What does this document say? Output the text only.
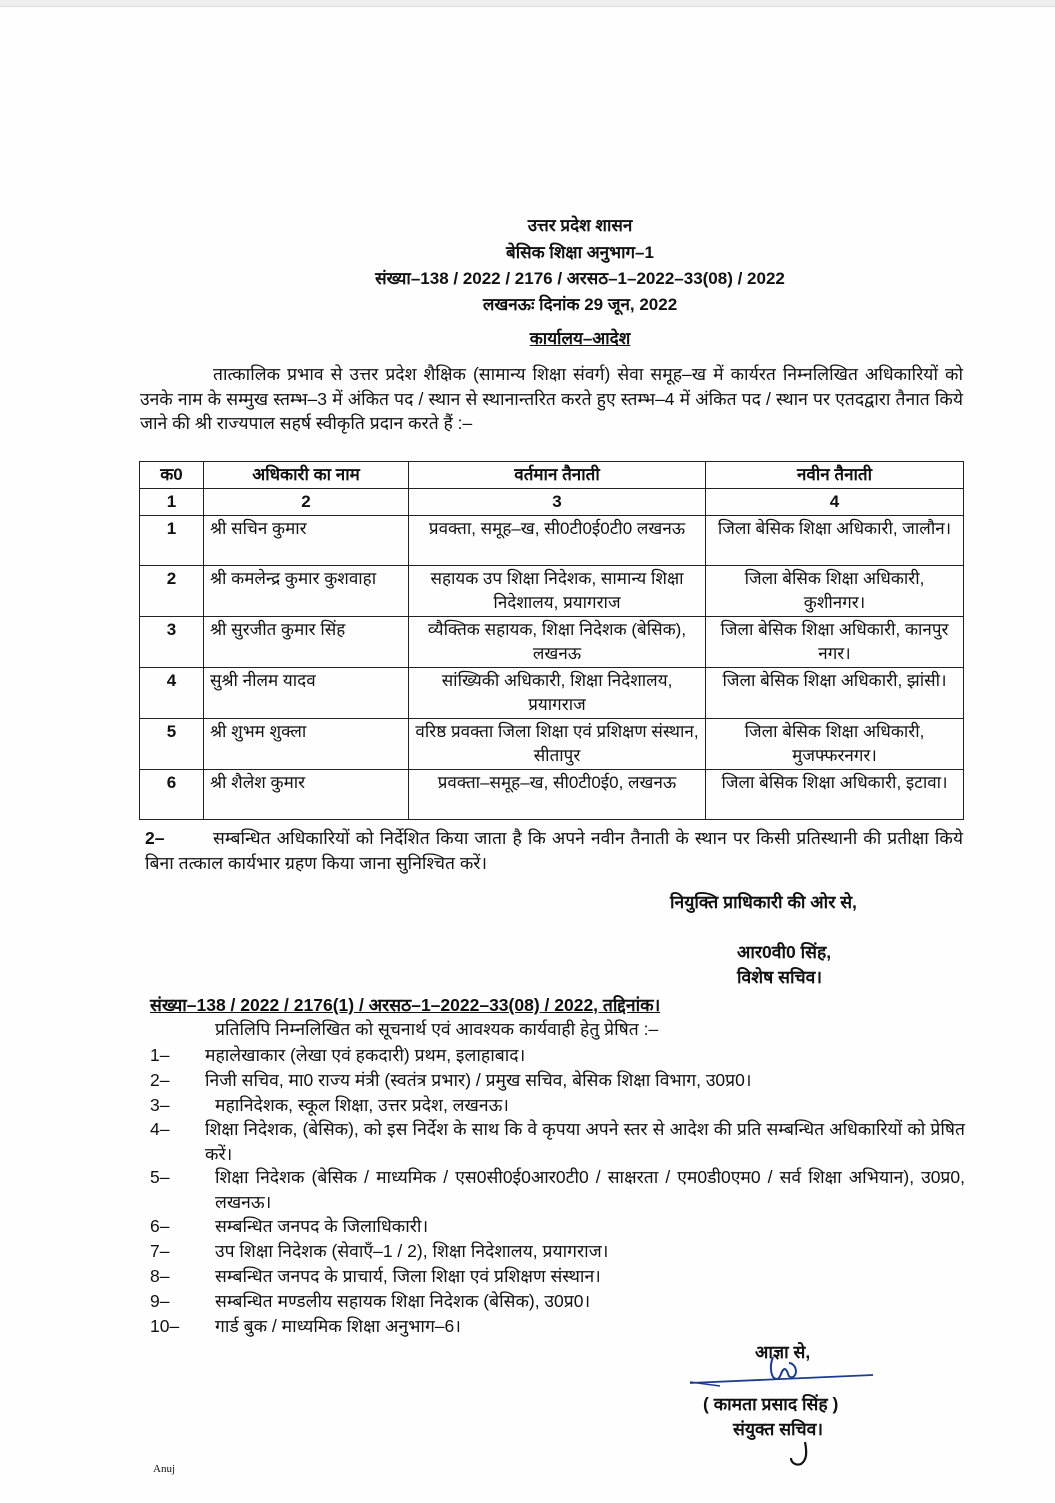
उत्तर प्रदेश शासन
बेसिक शिक्षा अनुभाग–1
संख्या–138 / 2022 / 2176 / अरसठ–1–2022–33(08) / 2022
लखनऊः दिनांक 29 जून, 2022
कार्यालय–आदेश
तात्कालिक प्रभाव से उत्तर प्रदेश शैक्षिक (सामान्य शिक्षा संवर्ग) सेवा समूह–ख में कार्यरत निम्नलिखित अधिकारियों को उनके नाम के सम्मुख स्तम्भ–3 में अंकित पद / स्थान से स्थानान्तरित करते हुए स्तम्भ–4 में अंकित पद / स्थान पर एतदद्वारा तैनात किये जाने की श्री राज्यपाल सहर्ष स्वीकृति प्रदान करते हैं :–
क0	अधिकारी का नाम	वर्तमान तैनाती	नवीन तैनाती
1	2	3	4
1	श्री सचिन कुमार	प्रवक्ता, समूह–ख, सी0टी0ई0टी0 लखनऊ	जिला बेसिक शिक्षा अधिकारी, जालौन।
2	श्री कमलेन्द्र कुमार कुशवाहा	सहायक उप शिक्षा निदेशक, सामान्य शिक्षा निदेशालय, प्रयागराज	जिला बेसिक शिक्षा अधिकारी, कुशीनगर।
3	श्री सुरजीत कुमार सिंह	व्यैक्तिक सहायक, शिक्षा निदेशक (बेसिक), लखनऊ	जिला बेसिक शिक्षा अधिकारी, कानपुर नगर।
4	सुश्री नीलम यादव	सांख्यिकी अधिकारी, शिक्षा निदेशालय, प्रयागराज	जिला बेसिक शिक्षा अधिकारी, झांसी।
5	श्री शुभम शुक्ला	वरिष्ठ प्रवक्ता जिला शिक्षा एवं प्रशिक्षण संस्थान, सीतापुर	जिला बेसिक शिक्षा अधिकारी, मुजफ्फरनगर।
6	श्री शैलेश कुमार	प्रवक्ता–समूह–ख, सी0टी0ई0, लखनऊ	जिला बेसिक शिक्षा अधिकारी, इटावा।
2–	सम्बन्धित अधिकारियों को निर्देशित किया जाता है कि अपने नवीन तैनाती के स्थान पर किसी प्रतिस्थानी की प्रतीक्षा किये बिना तत्काल कार्यभार ग्रहण किया जाना सुनिश्चित करें।
नियुक्ति प्राधिकारी की ओर से,
आर0वी0 सिंह,
विशेष सचिव।
संख्या–138 / 2022 / 2176(1) / अरसठ–1–2022–33(08) / 2022, तद्दिनांक।
प्रतिलिपि निम्नलिखित को सूचनार्थ एवं आवश्यक कार्यवाही हेतु प्रेषित :–
1–	महालेखाकार (लेखा एवं हकदारी) प्रथम, इलाहाबाद।
2–	निजी सचिव, मा0 राज्य मंत्री (स्वतंत्र प्रभार) / प्रमुख सचिव, बेसिक शिक्षा विभाग, उ0प्र0।
3–	महानिदेशक, स्कूल शिक्षा, उत्तर प्रदेश, लखनऊ।
4–	शिक्षा निदेशक, (बेसिक), को इस निर्देश के साथ कि वे कृपया अपने स्तर से आदेश की प्रति सम्बन्धित अधिकारियों को प्रेषित करें।
5–	शिक्षा निदेशक (बेसिक / माध्यमिक / एस0सी0ई0आर0टी0 / साक्षरता / एम0डी0एम0 / सर्व शिक्षा अभियान), उ0प्र0, लखनऊ।
6–	सम्बन्धित जनपद के जिलाधिकारी।
7–	उप शिक्षा निदेशक (सेवाएँ–1 / 2), शिक्षा निदेशालय, प्रयागराज।
8–	सम्बन्धित जनपद के प्राचार्य, जिला शिक्षा एवं प्रशिक्षण संस्थान।
9–	सम्बन्धित मण्डलीय सहायक शिक्षा निदेशक (बेसिक), उ0प्र0।
10–	गार्ड बुक / माध्यमिक शिक्षा अनुभाग–6।
आज्ञा से,
( कामता प्रसाद सिंह )
संयुक्त सचिव।
Anuj
